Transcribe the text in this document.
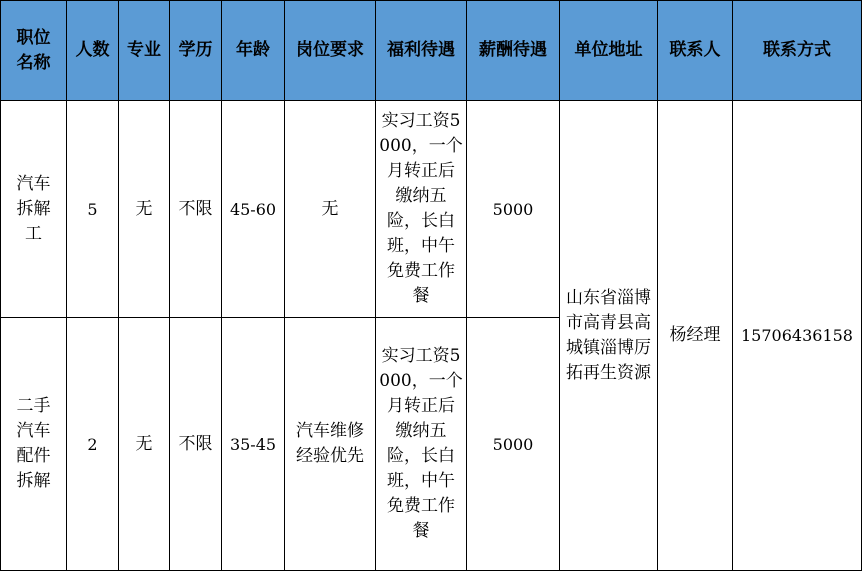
职位名称	人数	专业	学历	年龄	岗位要求	福利待遇	薪酬待遇	单位地址	联系人	联系方式
汽车拆解工	5	无	不限	45-60	无	实习工资5000，一个月转正后缴纳五险，长白班，中午免费工作餐	5000	山东省淄博市高青县高城镇淄博厉拓再生资源	杨经理	15706436158
二手汽车配件拆解	2	无	不限	35-45	汽车维修经验优先	实习工资5000，一个月转正后缴纳五险，长白班，中午免费工作餐	5000			
